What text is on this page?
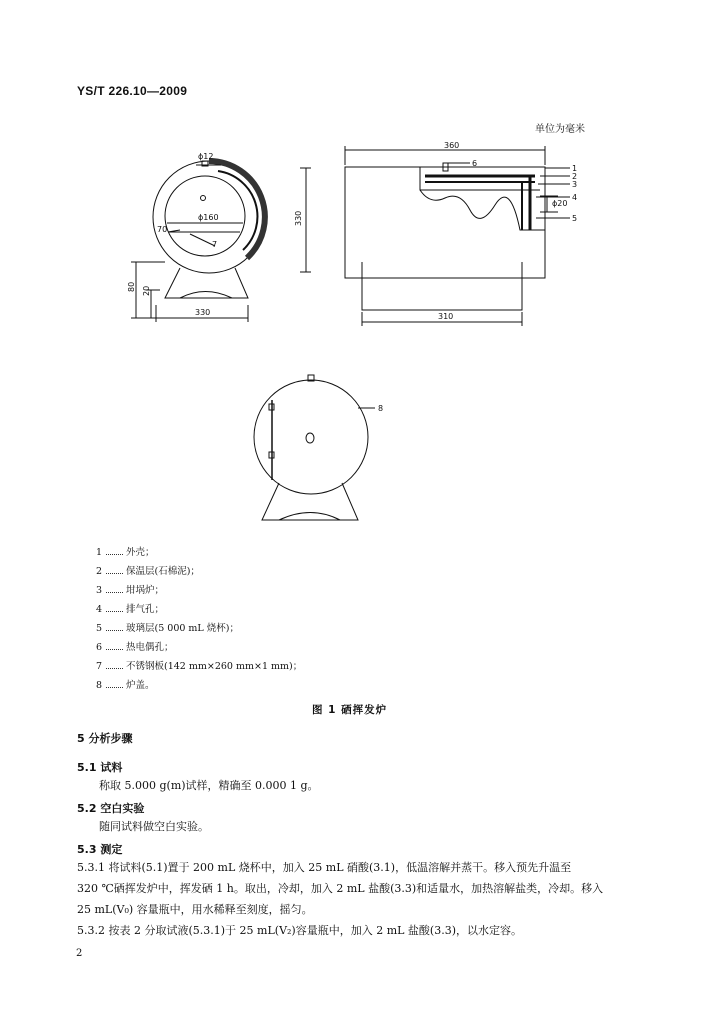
YS/T 226.10—2009
单位为毫米
ϕ12
ϕ160
70
7
330
80 20
330
360
310
ϕ20
6
1
2
3
4
5
8
1	外壳；
2	保温层(石棉泥)；
3	坩埚炉；
4	排气孔；
5	玻璃层(5 000 mL 烧杯)；
6	热电偶孔；
7	不锈钢板(142 mm×260 mm×1 mm)；
8	炉盖。
图 1 硒挥发炉
5 分析步骤
5.1 试料
称取 5.000 g(m)试样，精确至 0.000 1 g。
5.2 空白实验
随同试料做空白实验。
5.3 测定
5.3.1 将试料(5.1)置于 200 mL 烧杯中，加入 25 mL 硝酸(3.1)，低温溶解并蒸干。移入预先升温至
320 ℃硒挥发炉中，挥发硒 1 h。取出，冷却，加入 2 mL 盐酸(3.3)和适量水，加热溶解盐类，冷却。移入
25 mL(V₀) 容量瓶中，用水稀释至刻度，摇匀。
5.3.2 按表 2 分取试液(5.3.1)于 25 mL(V₂)容量瓶中，加入 2 mL 盐酸(3.3)，以水定容。
2
